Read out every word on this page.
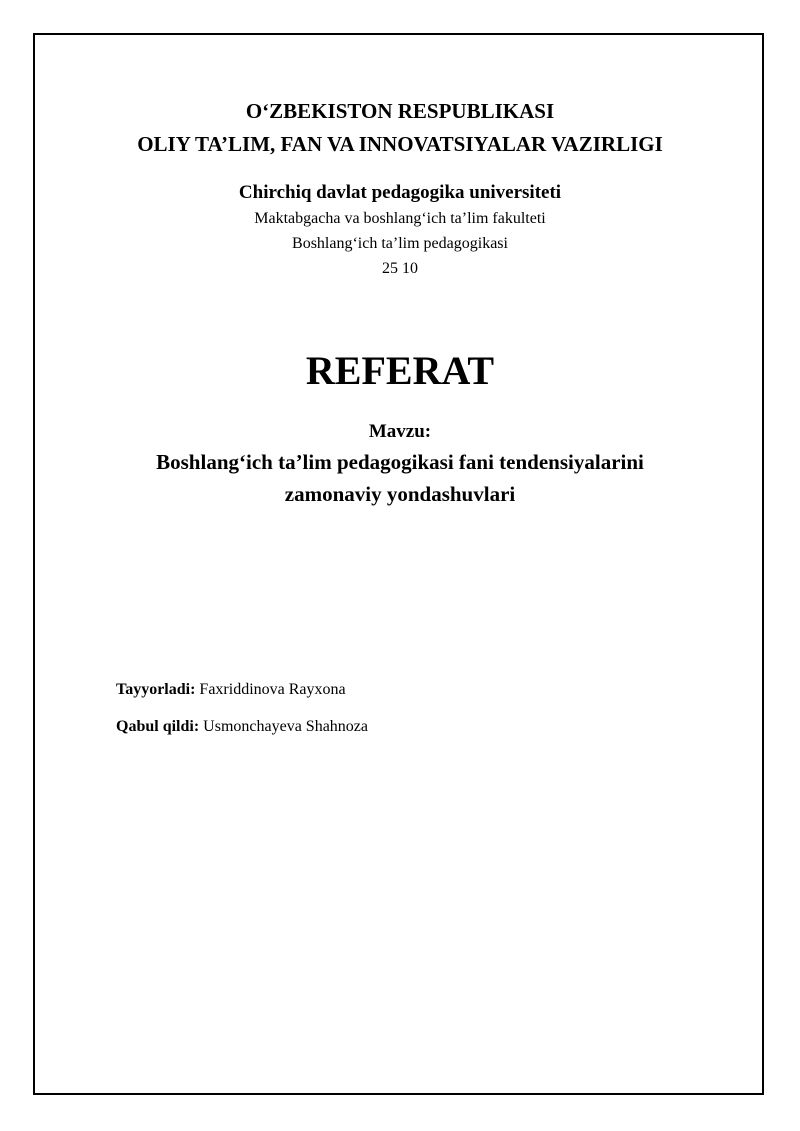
O‘ZBEKISTON RESPUBLIKASI
OLIY TA’LIM, FAN VA INNOVATSIYALAR VAZIRLIGI
Chirchiq davlat pedagogika universiteti
Maktabgacha va boshlang‘ich ta’lim fakulteti
Boshlang‘ich ta’lim pedagogikasi
25 10
REFERAT
Mavzu:
Boshlang‘ich ta’lim pedagogikasi fani tendensiyalarini
zamonaviy yondashuvlari
Tayyorladi: Faxriddinova Rayxona
Qabul qildi: Usmonchayeva Shahnoza
